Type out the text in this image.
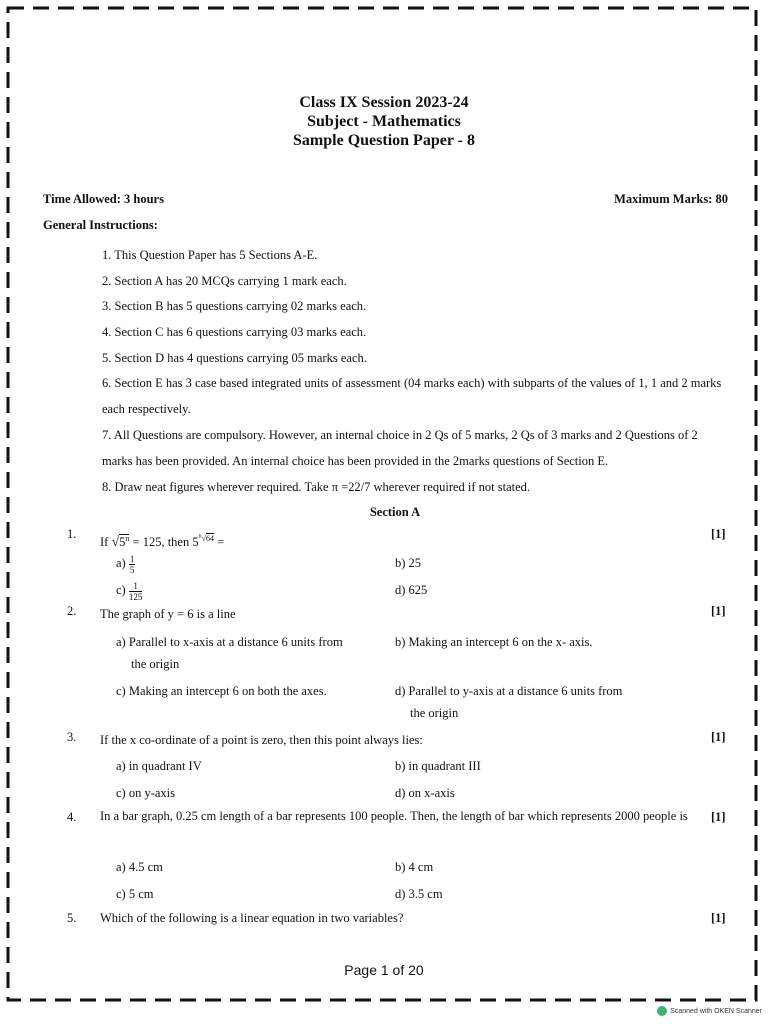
Class IX Session 2023-24
Subject - Mathematics
Sample Question Paper - 8
Time Allowed: 3 hours	Maximum Marks: 80
General Instructions:
1. This Question Paper has 5 Sections A-E.
2. Section A has 20 MCQs carrying 1 mark each.
3. Section B has 5 questions carrying 02 marks each.
4. Section C has 6 questions carrying 03 marks each.
5. Section D has 4 questions carrying 05 marks each.
6. Section E has 3 case based integrated units of assessment (04 marks each) with subparts of the values of 1, 1 and 2 marks each respectively.
7. All Questions are compulsory. However, an internal choice in 2 Qs of 5 marks, 2 Qs of 3 marks and 2 Questions of 2 marks has been provided. An internal choice has been provided in the 2marks questions of Section E.
8. Draw neat figures wherever required. Take π =22/7 wherever required if not stated.
Section A
1.
If $√5^n = 125$, then $5^{^n√64}$ =
[1]
$a) \frac{1}{5}$	b) 25
$c) \frac{1}{125}$	d) 625
2. The graph of y = 6 is a line	[1]
a) Parallel to x-axis at a distance 6 units from
the origin
b) Making an intercept 6 on the x- axis.
c) Making an intercept 6 on both the axes.	d) Parallel to y-axis at a distance 6 units from
the origin
3. If the x co-ordinate of a point is zero, then this point always lies:	[1]
a) in quadrant IV	b) in quadrant III
c) on y-axis	d) on x-axis
4. In a bar graph, 0.25 cm length of a bar represents 100 people. Then, the length of bar which represents 2000 people is	[1]
a) 4.5 cm	b) 4 cm
c) 5 cm	d) 3.5 cm
5. Which of the following is a linear equation in two variables?	[1]
Page 1 of 20
Scanned with OKEN Scanner
